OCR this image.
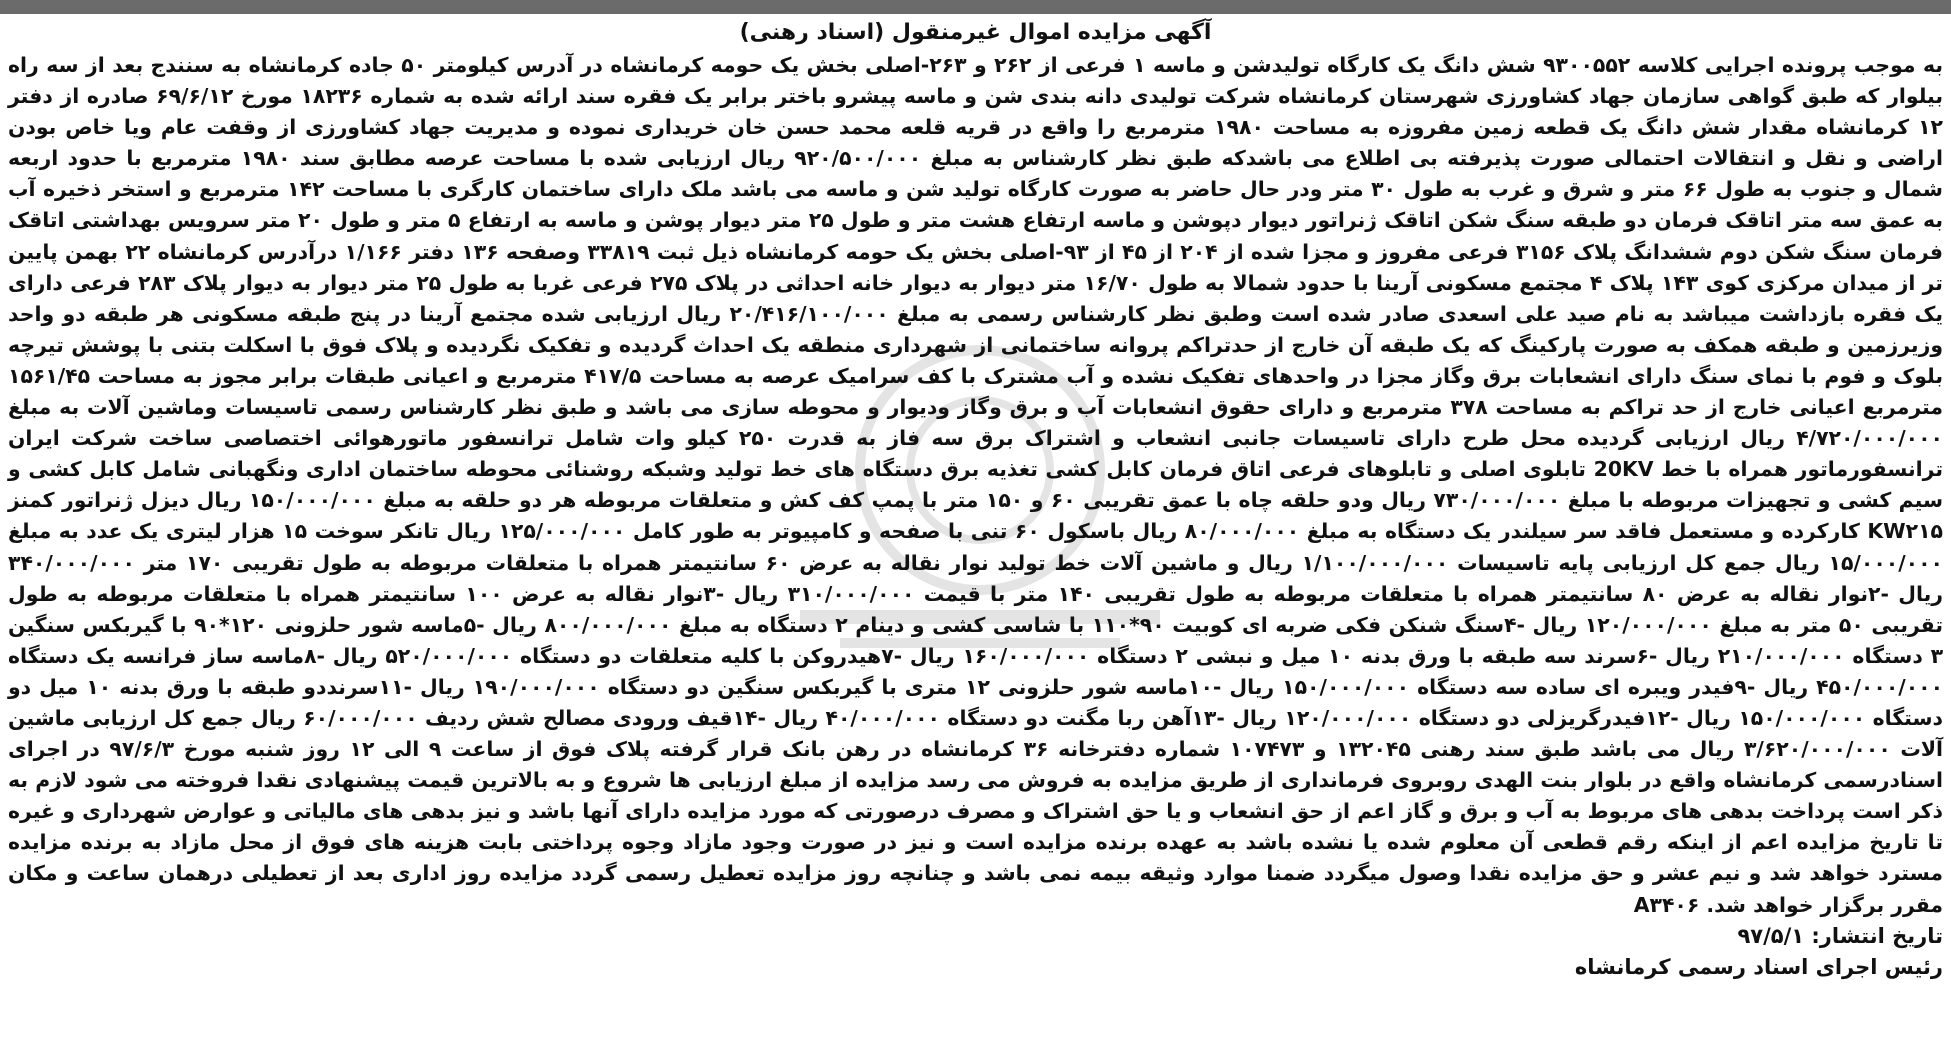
آگهی مزایده اموال غیرمنقول (اسناد رهنی)

به موجب پرونده اجرایی کلاسه ۹۳۰۰۵۵۲ شش دانگ یک کارگاه تولیدشن و ماسه ۱ فرعی از ۲۶۲ و ۲۶۳-اصلی بخش یک حومه کرمانشاه در آدرس کیلومتر ۵۰ جاده کرمانشاه به سنندج بعد از سه راه بیلوار که طبق گواهی سازمان جهاد کشاورزی شهرستان کرمانشاه شرکت تولیدی دانه بندی شن و ماسه پیشرو باختر برابر یک فقره سند ارائه شده به شماره ۱۸۲۳۶ مورخ ۶۹/۶/۱۲ صادره از دفتر ۱۲ کرمانشاه مقدار شش دانگ یک قطعه زمین مفروزه به مساحت ۱۹۸۰ مترمربع را واقع در قریه قلعه محمد حسن خان خریداری نموده و مدیریت جهاد کشاورزی از وقفت عام ویا خاص بودن اراضی و نقل و انتقالات احتمالی صورت پذیرفته بی اطلاع می باشدکه طبق نظر کارشناس به مبلغ ۹۲۰/۵۰۰/۰۰۰ ریال ارزیابی شده با مساحت عرصه مطابق سند ۱۹۸۰ مترمربع با حدود اربعه شمال و جنوب به طول ۶۶ متر و شرق و غرب به طول ۳۰ متر ودر حال حاضر به صورت کارگاه تولید شن و ماسه می باشد ملک دارای ساختمان کارگری با مساحت ۱۴۲ مترمربع و استخر ذخیره آب به عمق سه متر اتاقک فرمان دو طبقه سنگ شکن اتاقک ژنراتور دیوار دپوشن و ماسه ارتفاع هشت متر و طول ۲۵ متر دیوار پوشن و ماسه به ارتفاع ۵ متر و طول ۲۰ متر سرویس بهداشتی اتاقک فرمان سنگ شکن دوم ششدانگ پلاک ۳۱۵۶ فرعی مفروز و مجزا شده از ۲۰۴ از ۴۵ از ۹۳-اصلی بخش یک حومه کرمانشاه ذیل ثبت ۳۳۸۱۹ وصفحه ۱۳۶ دفتر ۱/۱۶۶ درآدرس کرمانشاه ۲۲ بهمن پایین تر از میدان مرکزی کوی ۱۴۳ پلاک ۴ مجتمع مسکونی آرینا با حدود شمالا به طول ۱۶/۷۰ متر دیوار به دیوار خانه احداثی در پلاک ۲۷۵ فرعی غربا به طول ۲۵ متر دیوار به دیوار پلاک ۲۸۳ فرعی دارای یک فقره بازداشت میباشد به نام صید علی اسعدی صادر شده است وطبق نظر کارشناس رسمی به مبلغ ۲۰/۴۱۶/۱۰۰/۰۰۰ ریال ارزیابی شده مجتمع آرینا در پنج طبقه مسکونی هر طبقه دو واحد وزیرزمین و طبقه همکف به صورت پارکینگ که یک طبقه آن خارج از حدتراکم پروانه ساختمانی از شهرداری منطقه یک احداث گردیده و تفکیک نگردیده و پلاک فوق با اسکلت بتنی با پوشش تیرچه بلوک و فوم با نمای سنگ دارای انشعابات برق وگاز مجزا در واحدهای تفکیک نشده و آب مشترک با کف سرامیک عرصه به مساحت ۴۱۷/۵ مترمربع و اعیانی طبقات برابر مجوز به مساحت ۱۵۶۱/۴۵ مترمربع اعیانی خارج از حد تراکم به مساحت ۳۷۸ مترمربع و دارای حقوق انشعابات آب و برق وگاز ودیوار و محوطه سازی می باشد و طبق نظر کارشناس رسمی تاسیسات وماشین آلات به مبلغ ۴/۷۲۰/۰۰۰/۰۰۰ ریال ارزیابی گردیده محل طرح دارای تاسیسات جانبی انشعاب و اشتراک برق سه فاز به قدرت ۲۵۰ کیلو وات شامل ترانسفور ماتورهوائی اختصاصی ساخت شرکت ایران ترانسفورماتور همراه با خط 20KV تابلوی اصلی و تابلوهای فرعی اتاق فرمان کابل کشی تغذیه برق دستگاه های خط تولید وشبکه روشنائی محوطه ساختمان اداری ونگهبانی شامل کابل کشی و سیم کشی و تجهیزات مربوطه با مبلغ ۷۳۰/۰۰۰/۰۰۰ ریال ودو حلقه چاه با عمق تقریبی ۶۰ و ۱۵۰ متر با پمپ کف کش و متعلقات مربوطه هر دو حلقه به مبلغ ۱۵۰/۰۰۰/۰۰۰ ریال دیزل ژنراتور کمنز KW۲۱۵ کارکرده و مستعمل فاقد سر سیلندر یک دستگاه به مبلغ ۸۰/۰۰۰/۰۰۰ ریال باسکول ۶۰ تنی با صفحه و کامپیوتر به طور کامل ۱۲۵/۰۰۰/۰۰۰ ریال تانکر سوخت ۱۵ هزار لیتری یک عدد به مبلغ ۱۵/۰۰۰/۰۰۰ ریال جمع کل ارزیابی پایه تاسیسات ۱/۱۰۰/۰۰۰/۰۰۰ ریال و ماشین آلات خط تولید نوار نقاله به عرض ۶۰ سانتیمتر همراه با متعلقات مربوطه به طول تقریبی ۱۷۰ متر ۳۴۰/۰۰۰/۰۰۰ ریال -۲نوار نقاله به عرض ۸۰ سانتیمتر همراه با متعلقات مربوطه به طول تقریبی ۱۴۰ متر با قیمت ۳۱۰/۰۰۰/۰۰۰ ریال -۳نوار نقاله به عرض ۱۰۰ سانتیمتر همراه با متعلقات مربوطه به طول تقریبی ۵۰ متر به مبلغ ۱۲۰/۰۰۰/۰۰۰ ریال -۴سنگ شنکن فکی ضربه ای کوبیت ۹۰*۱۱۰ با شاسی کشی و دینام ۲ دستگاه به مبلغ ۸۰۰/۰۰۰/۰۰۰ ریال -۵ماسه شور حلزونی ۱۲۰*۹۰ با گیربکس سنگین ۳ دستگاه ۲۱۰/۰۰۰/۰۰۰ ریال -۶سرند سه طبقه با ورق بدنه ۱۰ میل و نبشی ۲ دستگاه ۱۶۰/۰۰۰/۰۰۰ ریال -۷هیدروکن با کلیه متعلقات دو دستگاه ۵۲۰/۰۰۰/۰۰۰ ریال -۸ماسه ساز فرانسه یک دستگاه ۴۵۰/۰۰۰/۰۰۰ ریال -۹فیدر ویبره ای ساده سه دستگاه ۱۵۰/۰۰۰/۰۰۰ ریال -۱۰ماسه شور حلزونی ۱۲ متری با گیربکس سنگین دو دستگاه ۱۹۰/۰۰۰/۰۰۰ ریال -۱۱سرنددو طبقه با ورق بدنه ۱۰ میل دو دستگاه ۱۵۰/۰۰۰/۰۰۰ ریال -۱۲فیدرگریزلی دو دستگاه ۱۲۰/۰۰۰/۰۰۰ ریال -۱۳آهن ربا مگنت دو دستگاه ۴۰/۰۰۰/۰۰۰ ریال -۱۴قیف ورودی مصالح شش ردیف ۶۰/۰۰۰/۰۰۰ ریال جمع کل ارزیابی ماشین آلات ۳/۶۲۰/۰۰۰/۰۰۰ ریال می باشد طبق سند رهنی ۱۳۲۰۴۵ و ۱۰۷۴۷۳ شماره دفترخانه ۳۶ کرمانشاه در رهن بانک قرار گرفته پلاک فوق از ساعت ۹ الی ۱۲ روز شنبه مورخ ۹۷/۶/۳ در اجرای اسنادرسمی کرمانشاه واقع در بلوار بنت الهدی روبروی فرمانداری از طریق مزایده به فروش می رسد مزایده از مبلغ ارزیابی ها شروع و به بالاترین قیمت پیشنهادی نقدا فروخته می شود لازم به ذکر است پرداخت بدهی های مربوط به آب و برق و گاز اعم از حق انشعاب و یا حق اشتراک و مصرف درصورتی که مورد مزایده دارای آنها باشد و نیز بدهی های مالیاتی و عوارض شهرداری و غیره تا تاریخ مزایده اعم از اینکه رقم قطعی آن معلوم شده یا نشده باشد به عهده برنده مزایده است و نیز در صورت وجود مازاد وجوه پرداختی بابت هزینه های فوق از محل مازاد به برنده مزایده مسترد خواهد شد و نیم عشر و حق مزایده نقدا وصول میگردد ضمنا موارد وثیقه بیمه نمی باشد و چنانچه روز مزایده تعطیل رسمی گردد مزایده روز اداری بعد از تعطیلی درهمان ساعت و مکان مقرر برگزار خواهد شد. A۳۴۰۶

تاریخ انتشار: ۹۷/۵/۱

رئیس اجرای اسناد رسمی کرمانشاه
